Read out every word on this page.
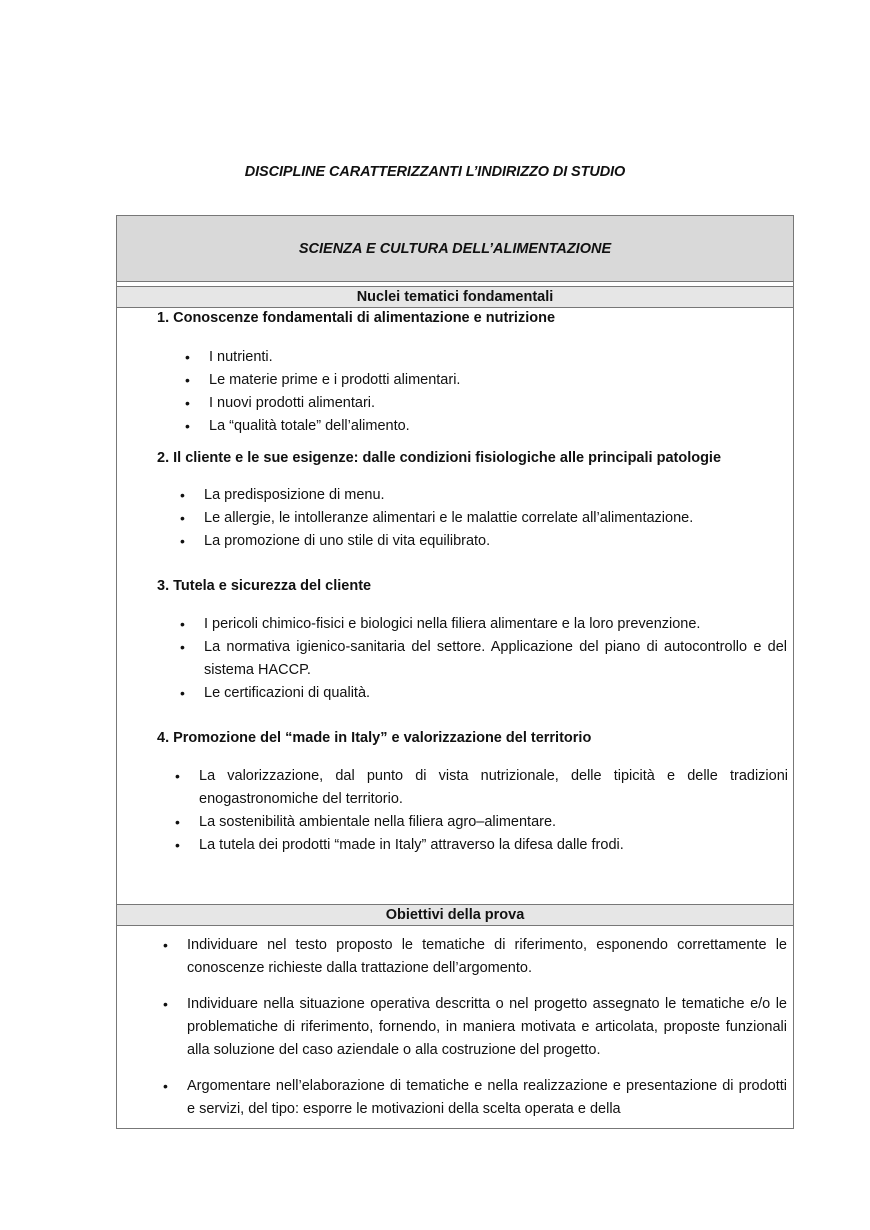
DISCIPLINE CARATTERIZZANTI L’INDIRIZZO DI STUDIO
SCIENZA E CULTURA DELL’ALIMENTAZIONE
Nuclei tematici fondamentali
1. Conoscenze fondamentali di alimentazione e nutrizione
• I nutrienti.
• Le materie prime e i prodotti alimentari.
• I nuovi prodotti alimentari.
• La “qualità totale” dell’alimento.
2. Il cliente e le sue esigenze: dalle condizioni fisiologiche alle principali patologie
• La predisposizione di menu.
• Le allergie, le intolleranze alimentari e le malattie correlate all’alimentazione.
• La promozione di uno stile di vita equilibrato.
3. Tutela e sicurezza del cliente
• I pericoli chimico-fisici e biologici nella filiera alimentare e la loro prevenzione.
• La normativa igienico-sanitaria del settore. Applicazione del piano di autocontrollo e del sistema HACCP.
• Le certificazioni di qualità.
4. Promozione del “made in Italy” e valorizzazione del territorio
• La valorizzazione, dal punto di vista nutrizionale, delle tipicità e delle tradizioni enogastronomiche del territorio.
• La sostenibilità ambientale nella filiera agro–alimentare.
• La tutela dei prodotti “made in Italy” attraverso la difesa dalle frodi.
Obiettivi della prova
• Individuare nel testo proposto le tematiche di riferimento, esponendo correttamente le conoscenze richieste dalla trattazione dell’argomento.
• Individuare nella situazione operativa descritta o nel progetto assegnato le tematiche e/o le problematiche di riferimento, fornendo, in maniera motivata e articolata, proposte funzionali alla soluzione del caso aziendale o alla costruzione del progetto.
• Argomentare nell’elaborazione di tematiche e nella realizzazione e presentazione di prodotti e servizi, del tipo: esporre le motivazioni della scelta operata e della
